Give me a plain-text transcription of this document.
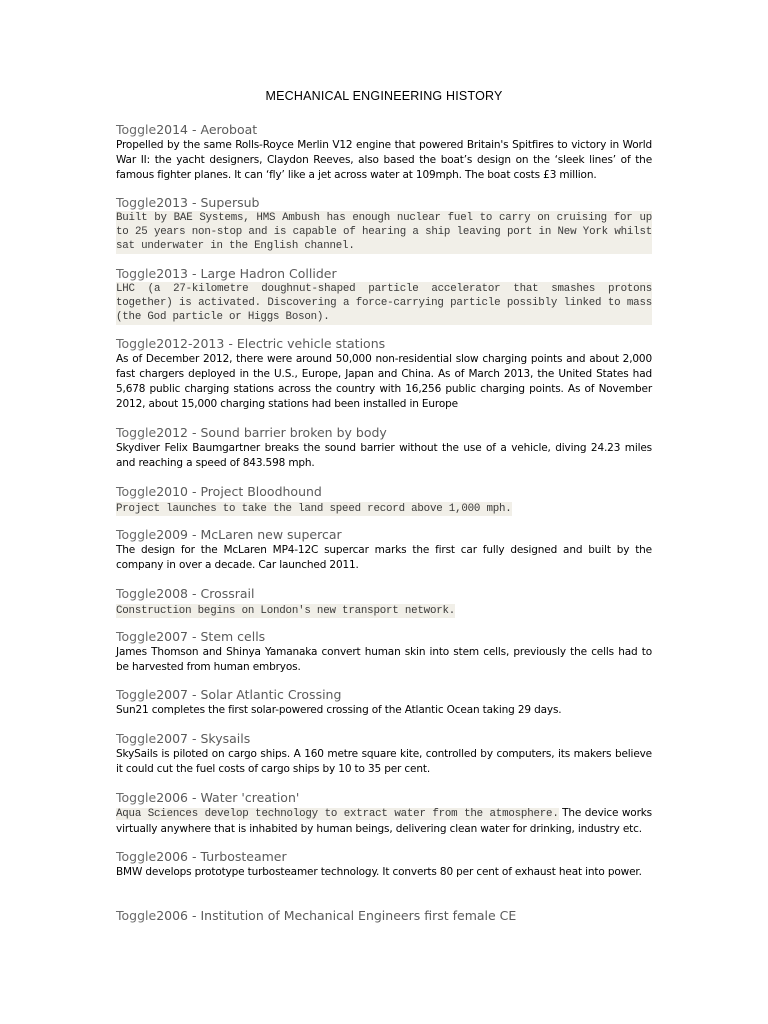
MECHANICAL ENGINEERING HISTORY
Toggle2014 - Aeroboat
Propelled by the same Rolls-Royce Merlin V12 engine that powered Britain's Spitfires to victory in World War II: the yacht designers, Claydon Reeves, also based the boat’s design on the ‘sleek lines’ of the famous fighter planes. It can ‘fly’ like a jet across water at 109mph. The boat costs £3 million.
Toggle2013 - Supersub
Built by BAE Systems, HMS Ambush has enough nuclear fuel to carry on cruising for up to 25 years non-stop and is capable of hearing a ship leaving port in New York whilst sat underwater in the English channel.
Toggle2013 - Large Hadron Collider
LHC (a 27-kilometre doughnut-shaped particle accelerator that smashes protons together) is activated. Discovering a force-carrying particle possibly linked to mass (the God particle or Higgs Boson).
Toggle2012-2013 - Electric vehicle stations
As of December 2012, there were around 50,000 non-residential slow charging points and about 2,000 fast chargers deployed in the U.S., Europe, Japan and China. As of March 2013, the United States had 5,678 public charging stations across the country with 16,256 public charging points. As of November 2012, about 15,000 charging stations had been installed in Europe
Toggle2012 - Sound barrier broken by body
Skydiver Felix Baumgartner breaks the sound barrier without the use of a vehicle, diving 24.23 miles and reaching a speed of 843.598 mph.
Toggle2010 - Project Bloodhound
Project launches to take the land speed record above 1,000 mph.
Toggle2009 - McLaren new supercar
The design for the McLaren MP4-12C supercar marks the first car fully designed and built by the company in over a decade. Car launched 2011.
Toggle2008 - Crossrail
Construction begins on London's new transport network.
Toggle2007 - Stem cells
James Thomson and Shinya Yamanaka convert human skin into stem cells, previously the cells had to be harvested from human embryos.
Toggle2007 - Solar Atlantic Crossing
Sun21 completes the first solar-powered crossing of the Atlantic Ocean taking 29 days.
Toggle2007 - Skysails
SkySails is piloted on cargo ships. A 160 metre square kite, controlled by computers, its makers believe it could cut the fuel costs of cargo ships by 10 to 35 per cent.
Toggle2006 - Water 'creation'
Aqua Sciences develop technology to extract water from the atmosphere. The device works virtually anywhere that is inhabited by human beings, delivering clean water for drinking, industry etc.
Toggle2006 - Turbosteamer
BMW develops prototype turbosteamer technology. It converts 80 per cent of exhaust heat into power.
Toggle2006 - Institution of Mechanical Engineers first female CE
